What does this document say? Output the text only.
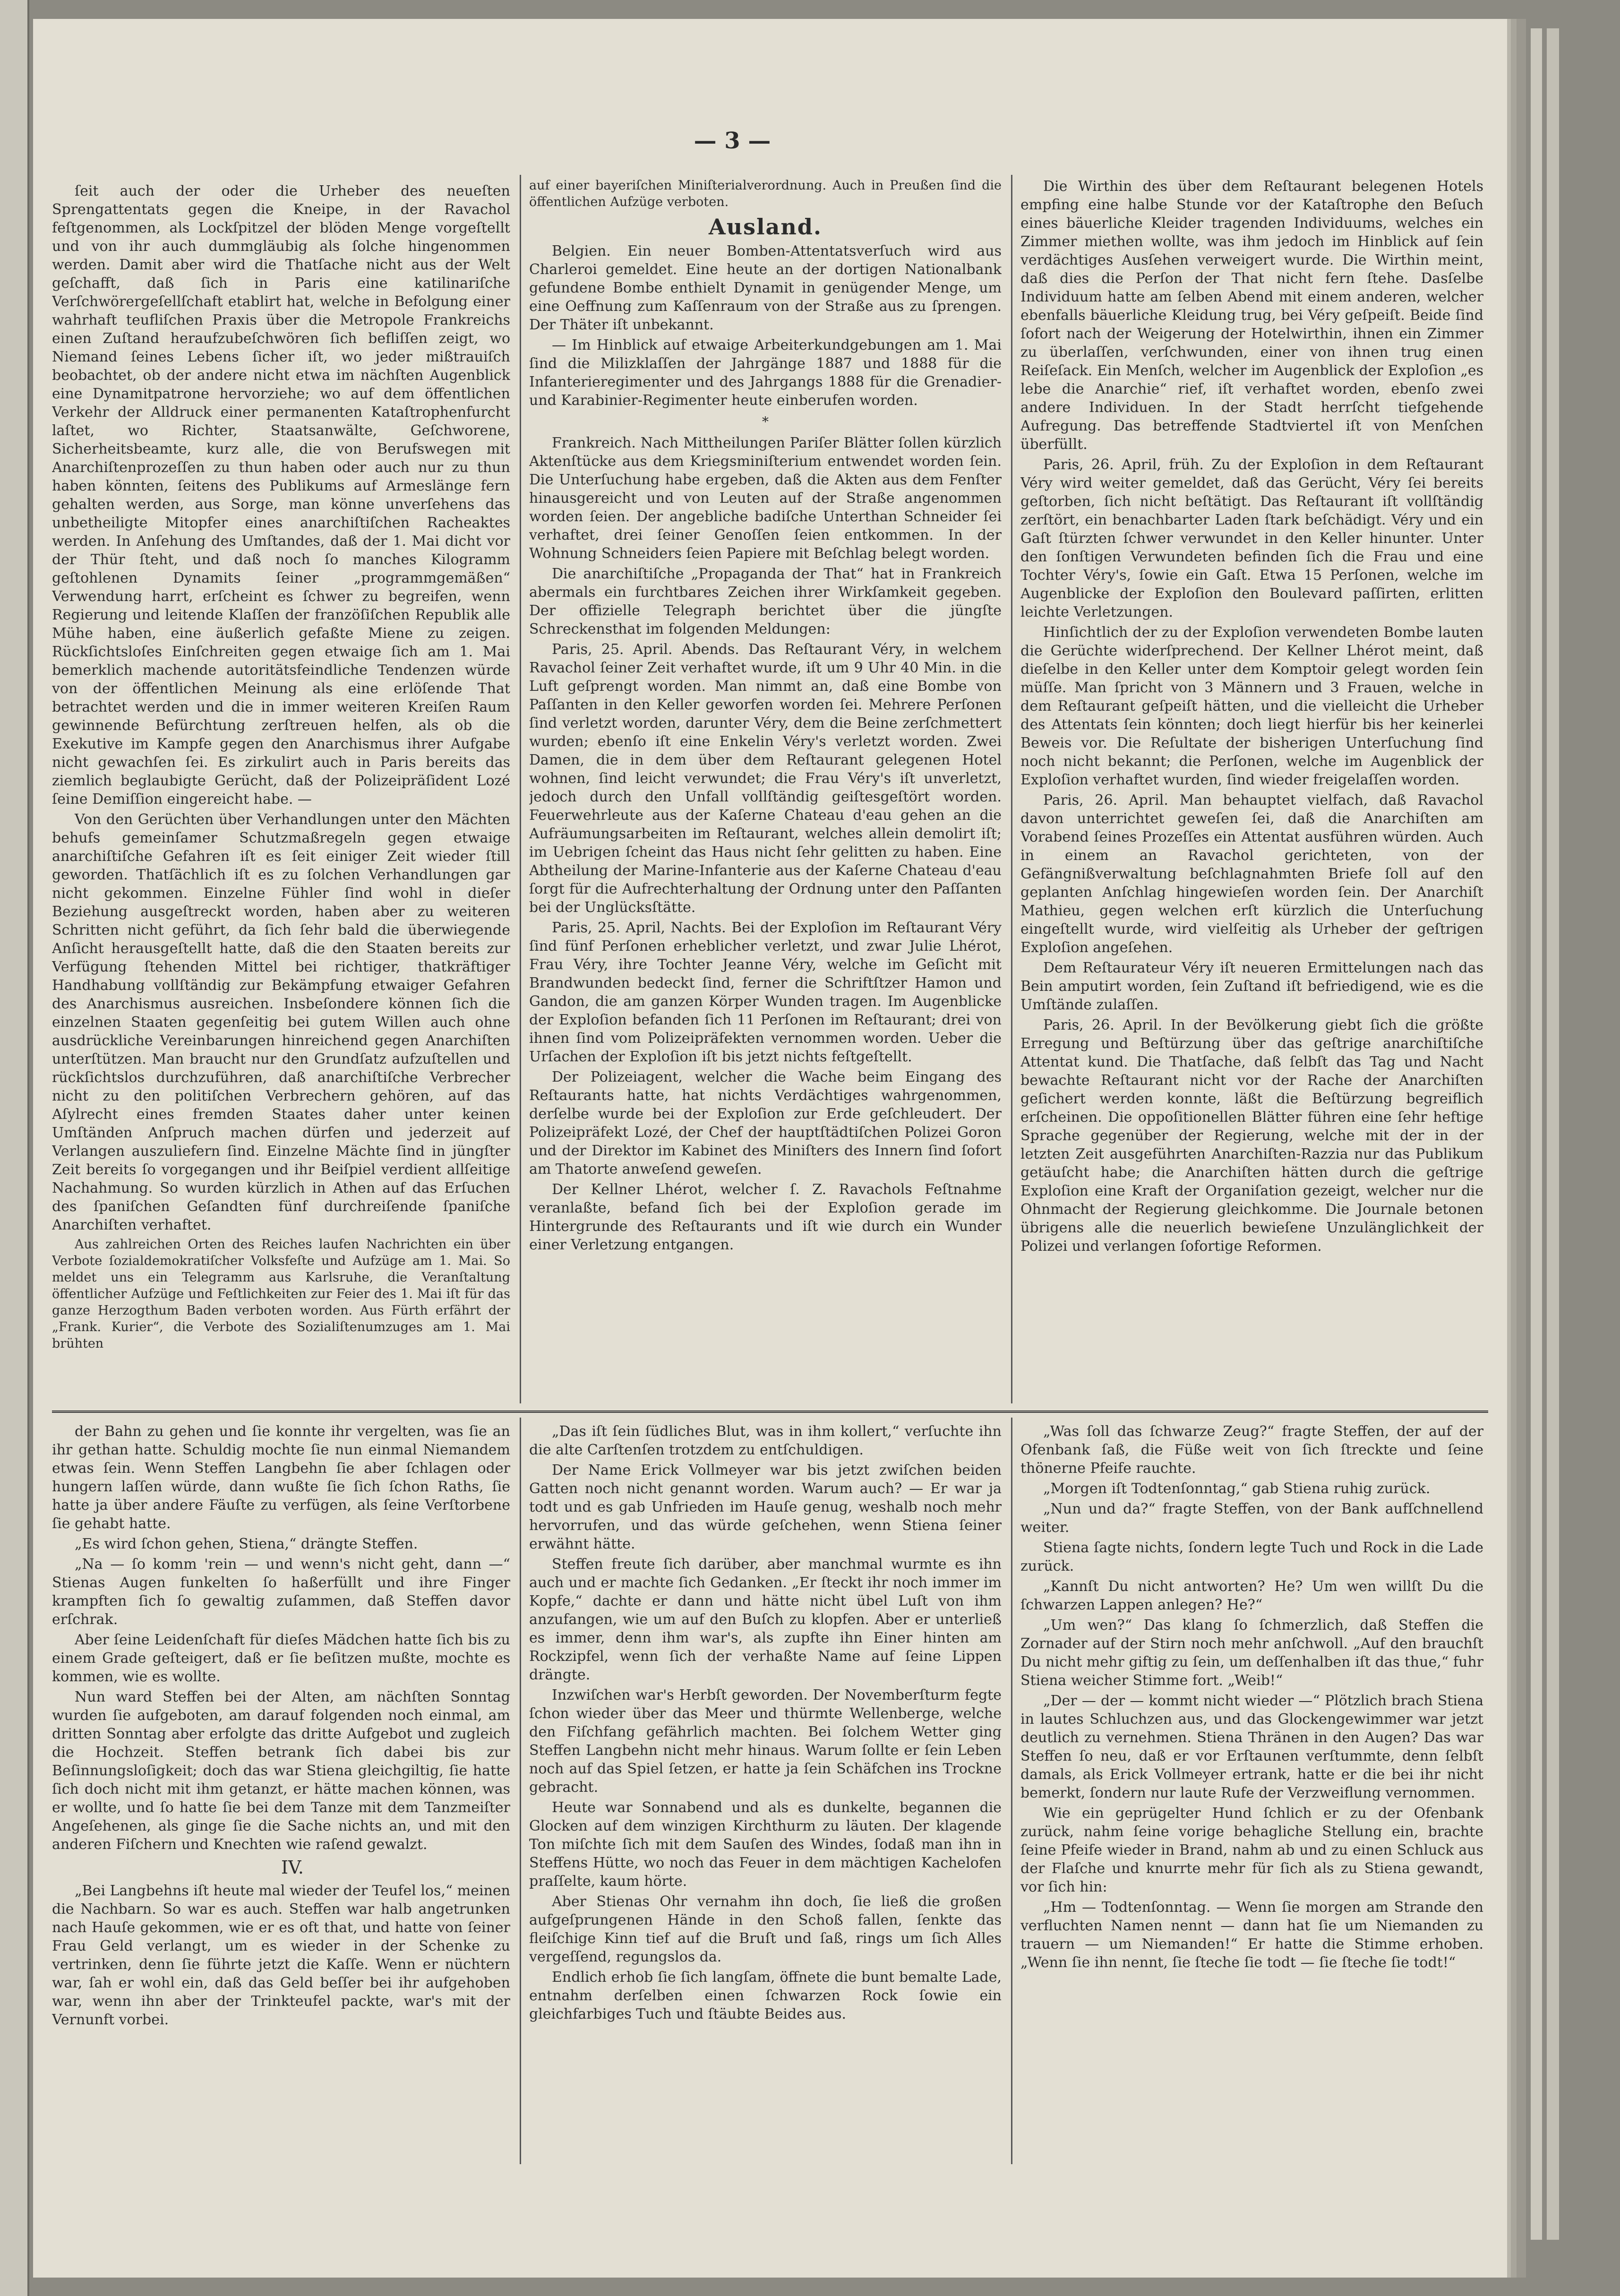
— 3 —

ſeit auch der oder die Urheber des neueſten Sprengattentats gegen die Kneipe, in der Ravachol feſtgenommen, als Lockſpitzel der blöden Menge vorgeſtellt und von ihr auch dummgläubig als ſolche hingenommen werden. Damit aber wird die Thatſache nicht aus der Welt geſchafft, daß ſich in Paris eine katilinariſche Verſchwörergeſellſchaft etablirt hat, welche in Befolgung einer wahrhaft teufliſchen Praxis über die Metropole Frankreichs einen Zuſtand heraufzubeſchwören ſich befliſſen zeigt, wo Niemand ſeines Lebens ſicher iſt, wo jeder mißtrauiſch beobachtet, ob der andere nicht etwa im nächſten Augenblick eine Dynamitpatrone hervorziehe; wo auf dem öffentlichen Verkehr der Alldruck einer permanenten Kataſtrophenfurcht laſtet, wo Richter, Staatsanwälte, Geſchworene, Sicherheitsbeamte, kurz alle, die von Berufswegen mit Anarchiſtenprozeſſen zu thun haben oder auch nur zu thun haben könnten, ſeitens des Publikums auf Armeslänge fern gehalten werden, aus Sorge, man könne unverſehens das unbetheiligte Mitopfer eines anarchiſtiſchen Racheaktes werden. In Anſehung des Umſtandes, daß der 1. Mai dicht vor der Thür ſteht, und daß noch ſo manches Kilogramm geſtohlenen Dynamits ſeiner „programmgemäßen“ Verwendung harrt, erſcheint es ſchwer zu begreifen, wenn Regierung und leitende Klaſſen der franzöſiſchen Republik alle Mühe haben, eine äußerlich gefaßte Miene zu zeigen. Rückſichtsloſes Einſchreiten gegen etwaige ſich am 1. Mai bemerklich machende autoritätsfeindliche Tendenzen würde von der öffentlichen Meinung als eine erlöſende That betrachtet werden und die in immer weiteren Kreiſen Raum gewinnende Befürchtung zerſtreuen helfen, als ob die Exekutive im Kampfe gegen den Anarchismus ihrer Aufgabe nicht gewachſen ſei. Es zirkulirt auch in Paris bereits das ziemlich beglaubigte Gerücht, daß der Polizeipräſident Lozé ſeine Demiſſion eingereicht habe. —

Von den Gerüchten über Verhandlungen unter den Mächten behufs gemeinſamer Schutzmaßregeln gegen etwaige anarchiſtiſche Gefahren iſt es ſeit einiger Zeit wieder ſtill geworden. Thatſächlich iſt es zu ſolchen Verhandlungen gar nicht gekommen. Einzelne Fühler ſind wohl in dieſer Beziehung ausgeſtreckt worden, haben aber zu weiteren Schritten nicht geführt, da ſich ſehr bald die überwiegende Anſicht herausgeſtellt hatte, daß die den Staaten bereits zur Verfügung ſtehenden Mittel bei richtiger, thatkräftiger Handhabung vollſtändig zur Bekämpfung etwaiger Gefahren des Anarchismus ausreichen. Insbeſondere können ſich die einzelnen Staaten gegenſeitig bei gutem Willen auch ohne ausdrückliche Vereinbarungen hinreichend gegen Anarchiſten unterſtützen. Man braucht nur den Grundſatz aufzuſtellen und rückſichtslos durchzuführen, daß anarchiſtiſche Verbrecher nicht zu den politiſchen Verbrechern gehören, auf das Aſylrecht eines fremden Staates daher unter keinen Umſtänden Anſpruch machen dürfen und jederzeit auf Verlangen auszuliefern ſind. Einzelne Mächte ſind in jüngſter Zeit bereits ſo vorgegangen und ihr Beiſpiel verdient allſeitige Nachahmung. So wurden kürzlich in Athen auf das Erſuchen des ſpaniſchen Geſandten fünf durchreiſende ſpaniſche Anarchiſten verhaftet.

Aus zahlreichen Orten des Reiches laufen Nachrichten ein über Verbote ſozialdemokratiſcher Volksfeſte und Aufzüge am 1. Mai. So meldet uns ein Telegramm aus Karlsruhe, die Veranſtaltung öffentlicher Aufzüge und Feſtlichkeiten zur Feier des 1. Mai iſt für das ganze Herzogthum Baden verboten worden. Aus Fürth erfährt der „Frank. Kurier“, die Verbote des Sozialiſtenumzuges am 1. Mai brühten

auf einer bayeriſchen Miniſterialverordnung. Auch in Preußen ſind die öffentlichen Aufzüge verboten.

Ausland.

Belgien. Ein neuer Bomben-Attentatsverſuch wird aus Charleroi gemeldet. Eine heute an der dortigen Nationalbank gefundene Bombe enthielt Dynamit in genügender Menge, um eine Oeffnung zum Kaſſenraum von der Straße aus zu ſprengen. Der Thäter iſt unbekannt.

— Im Hinblick auf etwaige Arbeiterkundgebungen am 1. Mai ſind die Milizklaſſen der Jahrgänge 1887 und 1888 für die Infanterieregimenter und des Jahrgangs 1888 für die Grenadier- und Karabinier-Regimenter heute einberufen worden.

*

Frankreich. Nach Mittheilungen Pariſer Blätter ſollen kürzlich Aktenſtücke aus dem Kriegsminiſterium entwendet worden ſein. Die Unterſuchung habe ergeben, daß die Akten aus dem Fenſter hinausgereicht und von Leuten auf der Straße angenommen worden ſeien. Der angebliche badiſche Unterthan Schneider ſei verhaftet, drei ſeiner Genoſſen ſeien entkommen. In der Wohnung Schneiders ſeien Papiere mit Beſchlag belegt worden.

Die anarchiſtiſche „Propaganda der That“ hat in Frankreich abermals ein furchtbares Zeichen ihrer Wirkſamkeit gegeben. Der offizielle Telegraph berichtet über die jüngſte Schreckensthat im folgenden Meldungen:

Paris, 25. April. Abends. Das Reſtaurant Véry, in welchem Ravachol ſeiner Zeit verhaftet wurde, iſt um 9 Uhr 40 Min. in die Luft geſprengt worden. Man nimmt an, daß eine Bombe von Paſſanten in den Keller geworfen worden ſei. Mehrere Perſonen ſind verletzt worden, darunter Véry, dem die Beine zerſchmettert wurden; ebenſo iſt eine Enkelin Véry's verletzt worden. Zwei Damen, die in dem über dem Reſtaurant gelegenen Hotel wohnen, ſind leicht verwundet; die Frau Véry's iſt unverletzt, jedoch durch den Unfall vollſtändig geiſtesgeſtört worden. Feuerwehrleute aus der Kaſerne Chateau d'eau gehen an die Aufräumungsarbeiten im Reſtaurant, welches allein demolirt iſt; im Uebrigen ſcheint das Haus nicht ſehr gelitten zu haben. Eine Abtheilung der Marine-Infanterie aus der Kaſerne Chateau d'eau ſorgt für die Aufrechterhaltung der Ordnung unter den Paſſanten bei der Unglücksſtätte.

Paris, 25. April, Nachts. Bei der Exploſion im Reſtaurant Véry ſind fünf Perſonen erheblicher verletzt, und zwar Julie Lhérot, Frau Véry, ihre Tochter Jeanne Véry, welche im Geſicht mit Brandwunden bedeckt ſind, ferner die Schriftſtzer Hamon und Gandon, die am ganzen Körper Wunden tragen. Im Augenblicke der Exploſion befanden ſich 11 Perſonen im Reſtaurant; drei von ihnen ſind vom Polizeipräfekten vernommen worden. Ueber die Urſachen der Exploſion iſt bis jetzt nichts feſtgeſtellt.

Der Polizeiagent, welcher die Wache beim Eingang des Reſtaurants hatte, hat nichts Verdächtiges wahrgenommen, derſelbe wurde bei der Exploſion zur Erde geſchleudert. Der Polizeipräfekt Lozé, der Chef der hauptſtädtiſchen Polizei Goron und der Direktor im Kabinet des Miniſters des Innern ſind ſofort am Thatorte anweſend geweſen.

Der Kellner Lhérot, welcher ſ. Z. Ravachols Feſtnahme veranlaßte, befand ſich bei der Exploſion gerade im Hintergrunde des Reſtaurants und iſt wie durch ein Wunder einer Verletzung entgangen.

Die Wirthin des über dem Reſtaurant belegenen Hotels empfing eine halbe Stunde vor der Kataſtrophe den Beſuch eines bäuerliche Kleider tragenden Individuums, welches ein Zimmer miethen wollte, was ihm jedoch im Hinblick auf ſein verdächtiges Ausſehen verweigert wurde. Die Wirthin meint, daß dies die Perſon der That nicht fern ſtehe. Dasſelbe Individuum hatte am ſelben Abend mit einem anderen, welcher ebenfalls bäuerliche Kleidung trug, bei Véry geſpeiſt. Beide ſind ſofort nach der Weigerung der Hotelwirthin, ihnen ein Zimmer zu überlaſſen, verſchwunden, einer von ihnen trug einen Reiſeſack. Ein Menſch, welcher im Augenblick der Exploſion „es lebe die Anarchie“ rief, iſt verhaftet worden, ebenſo zwei andere Individuen. In der Stadt herrſcht tiefgehende Aufregung. Das betreffende Stadtviertel iſt von Menſchen überfüllt.

Paris, 26. April, früh. Zu der Exploſion in dem Reſtaurant Véry wird weiter gemeldet, daß das Gerücht, Véry ſei bereits geſtorben, ſich nicht beſtätigt. Das Reſtaurant iſt vollſtändig zerſtört, ein benachbarter Laden ſtark beſchädigt. Véry und ein Gaſt ſtürzten ſchwer verwundet in den Keller hinunter. Unter den ſonſtigen Verwundeten befinden ſich die Frau und eine Tochter Véry's, ſowie ein Gaſt. Etwa 15 Perſonen, welche im Augenblicke der Exploſion den Boulevard paſſirten, erlitten leichte Verletzungen.

Hinſichtlich der zu der Exploſion verwendeten Bombe lauten die Gerüchte widerſprechend. Der Kellner Lhérot meint, daß dieſelbe in den Keller unter dem Komptoir gelegt worden ſein müſſe. Man ſpricht von 3 Männern und 3 Frauen, welche in dem Reſtaurant geſpeiſt hätten, und die vielleicht die Urheber des Attentats ſein könnten; doch liegt hierfür bis her keinerlei Beweis vor. Die Reſultate der bisherigen Unterſuchung ſind noch nicht bekannt; die Perſonen, welche im Augenblick der Exploſion verhaftet wurden, ſind wieder freigelaſſen worden.

Paris, 26. April. Man behauptet vielfach, daß Ravachol davon unterrichtet geweſen ſei, daß die Anarchiſten am Vorabend ſeines Prozeſſes ein Attentat ausführen würden. Auch in einem an Ravachol gerichteten, von der Gefängnißverwaltung beſchlagnahmten Briefe ſoll auf den geplanten Anſchlag hingewieſen worden ſein. Der Anarchiſt Mathieu, gegen welchen erſt kürzlich die Unterſuchung eingeſtellt wurde, wird vielſeitig als Urheber der geſtrigen Exploſion angeſehen.

Dem Reſtaurateur Véry iſt neueren Ermittelungen nach das Bein amputirt worden, ſein Zuſtand iſt befriedigend, wie es die Umſtände zulaſſen.

Paris, 26. April. In der Bevölkerung giebt ſich die größte Erregung und Beſtürzung über das geſtrige anarchiſtiſche Attentat kund. Die Thatſache, daß ſelbſt das Tag und Nacht bewachte Reſtaurant nicht vor der Rache der Anarchiſten geſichert werden konnte, läßt die Beſtürzung begreiflich erſcheinen. Die oppoſitionellen Blätter führen eine ſehr heftige Sprache gegenüber der Regierung, welche mit der in der letzten Zeit ausgeführten Anarchiſten-Razzia nur das Publikum getäuſcht habe; die Anarchiſten hätten durch die geſtrige Exploſion eine Kraft der Organiſation gezeigt, welcher nur die Ohnmacht der Regierung gleichkomme. Die Journale betonen übrigens alle die neuerlich bewieſene Unzulänglichkeit der Polizei und verlangen ſofortige Reformen.

der Bahn zu gehen und ſie konnte ihr vergelten, was ſie an ihr gethan hatte. Schuldig mochte ſie nun einmal Niemandem etwas ſein. Wenn Steffen Langbehn ſie aber ſchlagen oder hungern laſſen würde, dann wußte ſie ſich ſchon Raths, ſie hatte ja über andere Fäuſte zu verfügen, als ſeine Verſtorbene ſie gehabt hatte.

„Es wird ſchon gehen, Stiena,“ drängte Steffen.

„Na — ſo komm 'rein — und wenn's nicht geht, dann —“ Stienas Augen funkelten ſo haßerfüllt und ihre Finger krampften ſich ſo gewaltig zuſammen, daß Steffen davor erſchrak.

Aber ſeine Leidenſchaft für dieſes Mädchen hatte ſich bis zu einem Grade geſteigert, daß er ſie beſitzen mußte, mochte es kommen, wie es wollte.

Nun ward Steffen bei der Alten, am nächſten Sonntag wurden ſie aufgeboten, am darauf folgenden noch einmal, am dritten Sonntag aber erfolgte das dritte Aufgebot und zugleich die Hochzeit. Steffen betrank ſich dabei bis zur Beſinnungsloſigkeit; doch das war Stiena gleichgiltig, ſie hatte ſich doch nicht mit ihm getanzt, er hätte machen können, was er wollte, und ſo hatte ſie bei dem Tanze mit dem Tanzmeiſter Angeſehenen, als ginge ſie die Sache nichts an, und mit den anderen Fiſchern und Knechten wie raſend gewalzt.

IV.

„Bei Langbehns iſt heute mal wieder der Teufel los,“ meinen die Nachbarn. So war es auch. Steffen war halb angetrunken nach Hauſe gekommen, wie er es oft that, und hatte von ſeiner Frau Geld verlangt, um es wieder in der Schenke zu vertrinken, denn ſie führte jetzt die Kaſſe. Wenn er nüchtern war, ſah er wohl ein, daß das Geld beſſer bei ihr aufgehoben war, wenn ihn aber der Trinkteufel packte, war's mit der Vernunft vorbei.

„Das iſt ſein ſüdliches Blut, was in ihm kollert,“ verſuchte ihn die alte Carſtenſen trotzdem zu entſchuldigen.

Der Name Erick Vollmeyer war bis jetzt zwiſchen beiden Gatten noch nicht genannt worden. Warum auch? — Er war ja todt und es gab Unfrieden im Hauſe genug, weshalb noch mehr hervorrufen, und das würde geſchehen, wenn Stiena ſeiner erwähnt hätte.

Steffen freute ſich darüber, aber manchmal wurmte es ihn auch und er machte ſich Gedanken. „Er ſteckt ihr noch immer im Kopfe,“ dachte er dann und hätte nicht übel Luſt von ihm anzufangen, wie um auf den Buſch zu klopfen. Aber er unterließ es immer, denn ihm war's, als zupfte ihn Einer hinten am Rockzipfel, wenn ſich der verhaßte Name auf ſeine Lippen drängte.

Inzwiſchen war's Herbſt geworden. Der Novemberſturm fegte ſchon wieder über das Meer und thürmte Wellenberge, welche den Fiſchfang gefährlich machten. Bei ſolchem Wetter ging Steffen Langbehn nicht mehr hinaus. Warum ſollte er ſein Leben noch auf das Spiel ſetzen, er hatte ja ſein Schäfchen ins Trockne gebracht.

Heute war Sonnabend und als es dunkelte, begannen die Glocken auf dem winzigen Kirchthurm zu läuten. Der klagende Ton miſchte ſich mit dem Sauſen des Windes, ſodaß man ihn in Steffens Hütte, wo noch das Feuer in dem mächtigen Kachelofen praſſelte, kaum hörte.

Aber Stienas Ohr vernahm ihn doch, ſie ließ die großen aufgeſprungenen Hände in den Schoß fallen, ſenkte das fleiſchige Kinn tief auf die Bruſt und ſaß, rings um ſich Alles vergeſſend, regungslos da.

Endlich erhob ſie ſich langſam, öffnete die bunt bemalte Lade, entnahm derſelben einen ſchwarzen Rock ſowie ein gleichfarbiges Tuch und ſtäubte Beides aus.

„Was ſoll das ſchwarze Zeug?“ fragte Steffen, der auf der Ofenbank ſaß, die Füße weit von ſich ſtreckte und ſeine thönerne Pfeife rauchte.

„Morgen iſt Todtenſonntag,“ gab Stiena ruhig zurück.

„Nun und da?“ fragte Steffen, von der Bank aufſchnellend weiter.

Stiena ſagte nichts, ſondern legte Tuch und Rock in die Lade zurück.

„Kannſt Du nicht antworten? He? Um wen willſt Du die ſchwarzen Lappen anlegen? He?“

„Um wen?“ Das klang ſo ſchmerzlich, daß Steffen die Zornader auf der Stirn noch mehr anſchwoll. „Auf den brauchſt Du nicht mehr giftig zu ſein, um deſſenhalben iſt das thue,“ fuhr Stiena weicher Stimme fort. „Weib!“

„Der — der — kommt nicht wieder —“ Plötzlich brach Stiena in lautes Schluchzen aus, und das Glockengewimmer war jetzt deutlich zu vernehmen. Stiena Thränen in den Augen? Das war Steffen ſo neu, daß er vor Erſtaunen verſtummte, denn ſelbſt damals, als Erick Vollmeyer ertrank, hatte er die bei ihr nicht bemerkt, ſondern nur laute Rufe der Verzweiflung vernommen.

Wie ein geprügelter Hund ſchlich er zu der Ofenbank zurück, nahm ſeine vorige behagliche Stellung ein, brachte ſeine Pfeife wieder in Brand, nahm ab und zu einen Schluck aus der Flaſche und knurrte mehr für ſich als zu Stiena gewandt, vor ſich hin:

„Hm — Todtenſonntag. — Wenn ſie morgen am Strande den verfluchten Namen nennt — dann hat ſie um Niemanden zu trauern — um Niemanden!“ Er hatte die Stimme erhoben. „Wenn ſie ihn nennt, ſie ſteche ſie todt — ſie ſteche ſie todt!“
